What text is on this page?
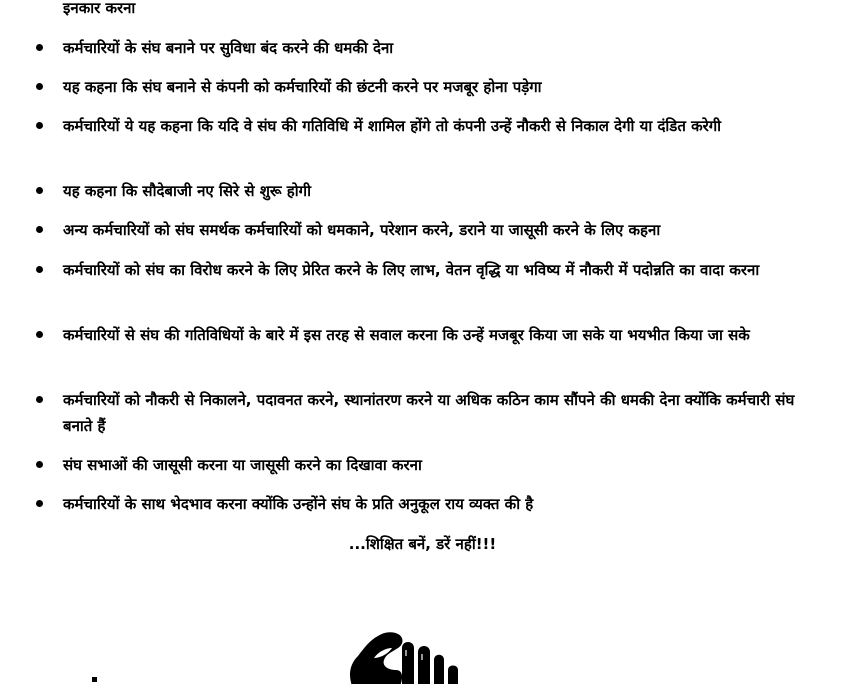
इनकार करना
कर्मचारियों के संघ बनाने पर सुविधा बंद करने की धमकी देना
यह कहना कि संघ बनाने से कंपनी को कर्मचारियों की छंटनी करने पर मजबूर होना पड़ेगा
कर्मचारियों ये यह कहना कि यदि वे संघ की गतिविधि में शामिल होंगे तो कंपनी उन्हें नौकरी से निकाल देगी या दंडित करेगी
यह कहना कि सौदेबाजी नए सिरे से शुरू होगी
अन्य कर्मचारियों को संघ समर्थक कर्मचारियों को धमकाने, परेशान करने, डराने या जासूसी करने के लिए कहना
कर्मचारियों को संघ का विरोध करने के लिए प्रेरित करने के लिए लाभ, वेतन वृद्धि या भविष्य में नौकरी में पदोन्नति का वादा करना
कर्मचारियों से संघ की गतिविधियों के बारे में इस तरह से सवाल करना कि उन्हें मजबूर किया जा सके या भयभीत किया जा सके
कर्मचारियों को नौकरी से निकालने, पदावनत करने, स्थानांतरण करने या अधिक कठिन काम सौंपने की धमकी देना क्योंकि कर्मचारी संघ बनाते हैं
संघ सभाओं की जासूसी करना या जासूसी करने का दिखावा करना
कर्मचारियों के साथ भेदभाव करना क्योंकि उन्होंने संघ के प्रति अनुकूल राय व्यक्त की है
...शिक्षित बनें, डरें नहीं!!!
